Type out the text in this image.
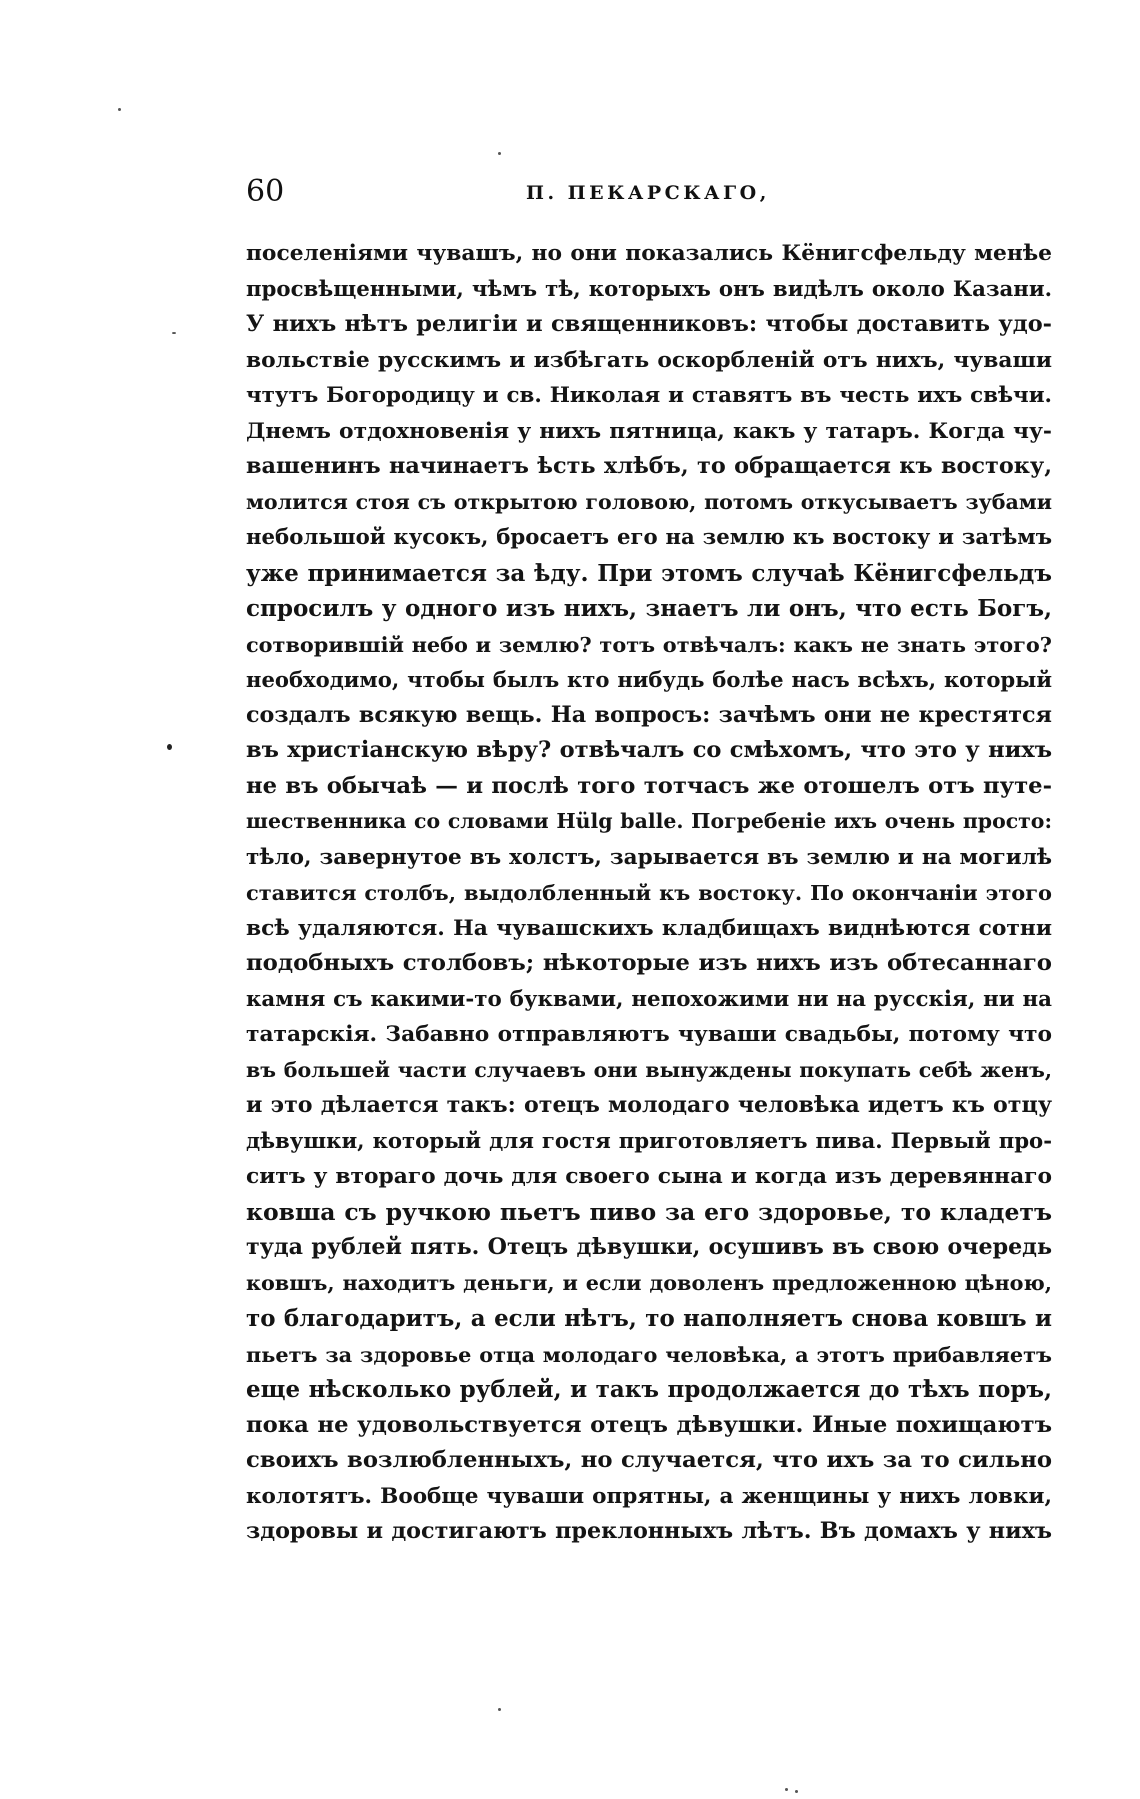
60	П. ПЕКАРСКАГО,
поселеніями чувашъ, но они показались Кёнигсфельду менѣе
просвѣщенными, чѣмъ тѣ, которыхъ онъ видѣлъ около Казани.
У нихъ нѣтъ религіи и священниковъ: чтобы доставить удо-
вольствіе русскимъ и избѣгать оскорбленій отъ нихъ, чуваши
чтутъ Богородицу и св. Николая и ставятъ въ честь ихъ свѣчи.
Днемъ отдохновенія у нихъ пятница, какъ у татаръ. Когда чу-
вашенинъ начинаетъ ѣсть хлѣбъ, то обращается къ востоку,
молится стоя съ открытою головою, потомъ откусываетъ зубами
небольшой кусокъ, бросаетъ его на землю къ востоку и затѣмъ
уже принимается за ѣду. При этомъ случаѣ Кёнигсфельдъ
спросилъ у одного изъ нихъ, знаетъ ли онъ, что есть Богъ,
сотворившій небо и землю? тотъ отвѣчалъ: какъ не знать этого?
необходимо, чтобы былъ кто нибудь болѣе насъ всѣхъ, который
создалъ всякую вещь. На вопросъ: зачѣмъ они не крестятся
въ христіанскую вѣру? отвѣчалъ со смѣхомъ, что это у нихъ
не въ обычаѣ — и послѣ того тотчасъ же отошелъ отъ путе-
шественника со словами Hülg balle. Погребеніе ихъ очень просто:
тѣло, завернутое въ холстъ, зарывается въ землю и на могилѣ
ставится столбъ, выдолбленный къ востоку. По окончаніи этого
всѣ удаляются. На чувашскихъ кладбищахъ виднѣются сотни
подобныхъ столбовъ; нѣкоторые изъ нихъ изъ обтесаннаго
камня съ какими-то буквами, непохожими ни на русскія, ни на
татарскія. Забавно отправляютъ чуваши свадьбы, потому что
въ большей части случаевъ они вынуждены покупать себѣ женъ,
и это дѣлается такъ: отецъ молодаго человѣка идетъ къ отцу
дѣвушки, который для гостя приготовляетъ пива. Первый про-
ситъ у втораго дочь для своего сына и когда изъ деревяннаго
ковша съ ручкою пьетъ пиво за его здоровье, то кладетъ
туда рублей пять. Отецъ дѣвушки, осушивъ въ свою очередь
ковшъ, находитъ деньги, и если доволенъ предложенною цѣною,
то благодаритъ, а если нѣтъ, то наполняетъ снова ковшъ и
пьетъ за здоровье отца молодаго человѣка, а этотъ прибавляетъ
еще нѣсколько рублей, и такъ продолжается до тѣхъ поръ,
пока не удовольствуется отецъ дѣвушки. Иные похищаютъ
своихъ возлюбленныхъ, но случается, что ихъ за то сильно
колотятъ. Вообще чуваши опрятны, а женщины у нихъ ловки,
здоровы и достигаютъ преклонныхъ лѣтъ. Въ домахъ у нихъ
